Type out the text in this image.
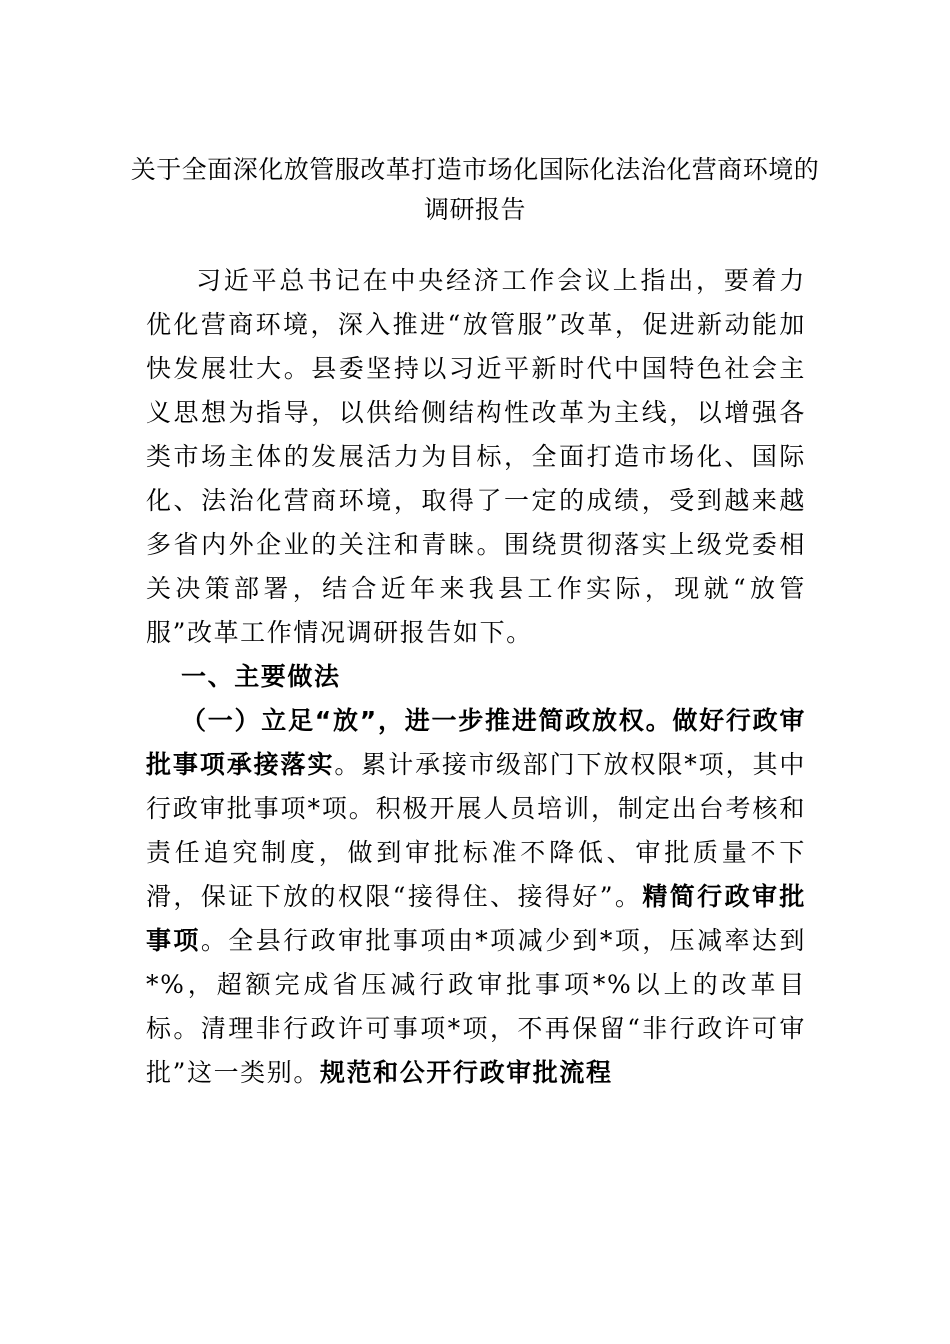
关于全面深化放管服改革打造市场化国际化法治化营商环境的调研报告

习近平总书记在中央经济工作会议上指出，要着力优化营商环境，深入推进“放管服”改革，促进新动能加快发展壮大。县委坚持以习近平新时代中国特色社会主义思想为指导，以供给侧结构性改革为主线，以增强各类市场主体的发展活力为目标，全面打造市场化、国际化、法治化营商环境，取得了一定的成绩，受到越来越多省内外企业的关注和青睐。围绕贯彻落实上级党委相关决策部署，结合近年来我县工作实际，现就“放管服”改革工作情况调研报告如下。

一、主要做法

（一）立足“放”，进一步推进简政放权。做好行政审批事项承接落实。累计承接市级部门下放权限*项，其中行政审批事项*项。积极开展人员培训，制定出台考核和责任追究制度，做到审批标准不降低、审批质量不下滑，保证下放的权限“接得住、接得好”。精简行政审批事项。全县行政审批事项由*项减少到*项，压减率达到*%，超额完成省压减行政审批事项*%以上的改革目标。清理非行政许可事项*项，不再保留“非行政许可审批”这一类别。规范和公开行政审批流程
